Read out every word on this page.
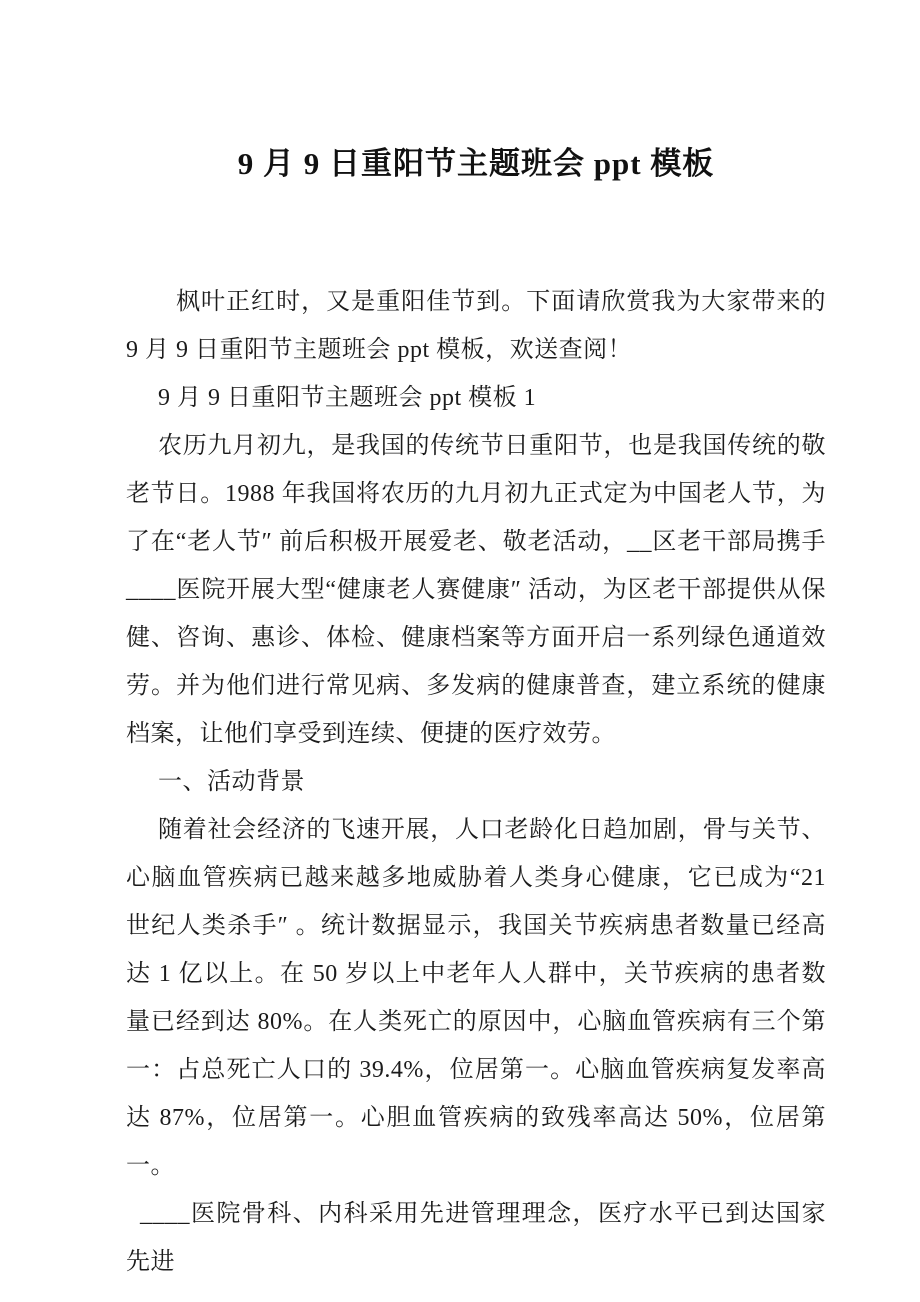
9 月 9 日重阳节主题班会 ppt 模板

枫叶正红时，又是重阳佳节到。下面请欣赏我为大家带来的 9 月 9 日重阳节主题班会 ppt 模板，欢送查阅！

9 月 9 日重阳节主题班会 ppt 模板 1

农历九月初九，是我国的传统节日重阳节，也是我国传统的敬老节日。1988 年我国将农历的九月初九正式定为中国老人节，为了在“老人节″ 前后积极开展爱老、敬老活动，__区老干部局携手____医院开展大型“健康老人赛健康″ 活动，为区老干部提供从保健、咨询、惠诊、体检、健康档案等方面开启一系列绿色通道效劳。并为他们进行常见病、多发病的健康普查，建立系统的健康档案，让他们享受到连续、便捷的医疗效劳。

一、活动背景

随着社会经济的飞速开展，人口老龄化日趋加剧，骨与关节、心脑血管疾病已越来越多地威胁着人类身心健康，它已成为“21 世纪人类杀手″ 。统计数据显示，我国关节疾病患者数量已经高达 1 亿以上。在 50 岁以上中老年人人群中，关节疾病的患者数量已经到达 80%。在人类死亡的原因中，心脑血管疾病有三个第一：占总死亡人口的 39.4%，位居第一。心脑血管疾病复发率高达 87%，位居第一。心胆血管疾病的致残率高达 50%，位居第一。

____医院骨科、内科采用先进管理理念，医疗水平已到达国家先进
